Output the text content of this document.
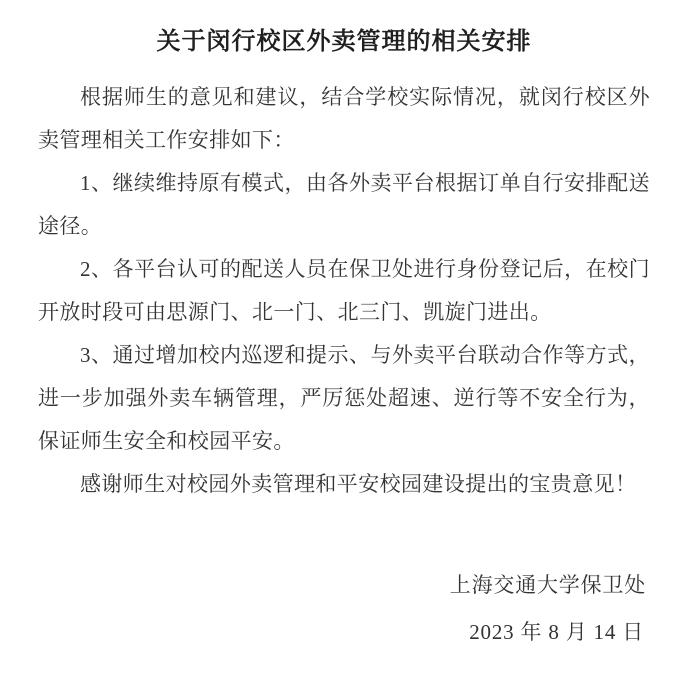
关于闵行校区外卖管理的相关安排

根据师生的意见和建议，结合学校实际情况，就闵行校区外卖管理相关工作安排如下：

1、继续维持原有模式，由各外卖平台根据订单自行安排配送途径。

2、各平台认可的配送人员在保卫处进行身份登记后，在校门开放时段可由思源门、北一门、北三门、凯旋门进出。

3、通过增加校内巡逻和提示、与外卖平台联动合作等方式，进一步加强外卖车辆管理，严厉惩处超速、逆行等不安全行为，保证师生安全和校园平安。

感谢师生对校园外卖管理和平安校园建设提出的宝贵意见！

上海交通大学保卫处

2023 年 8 月 14 日
